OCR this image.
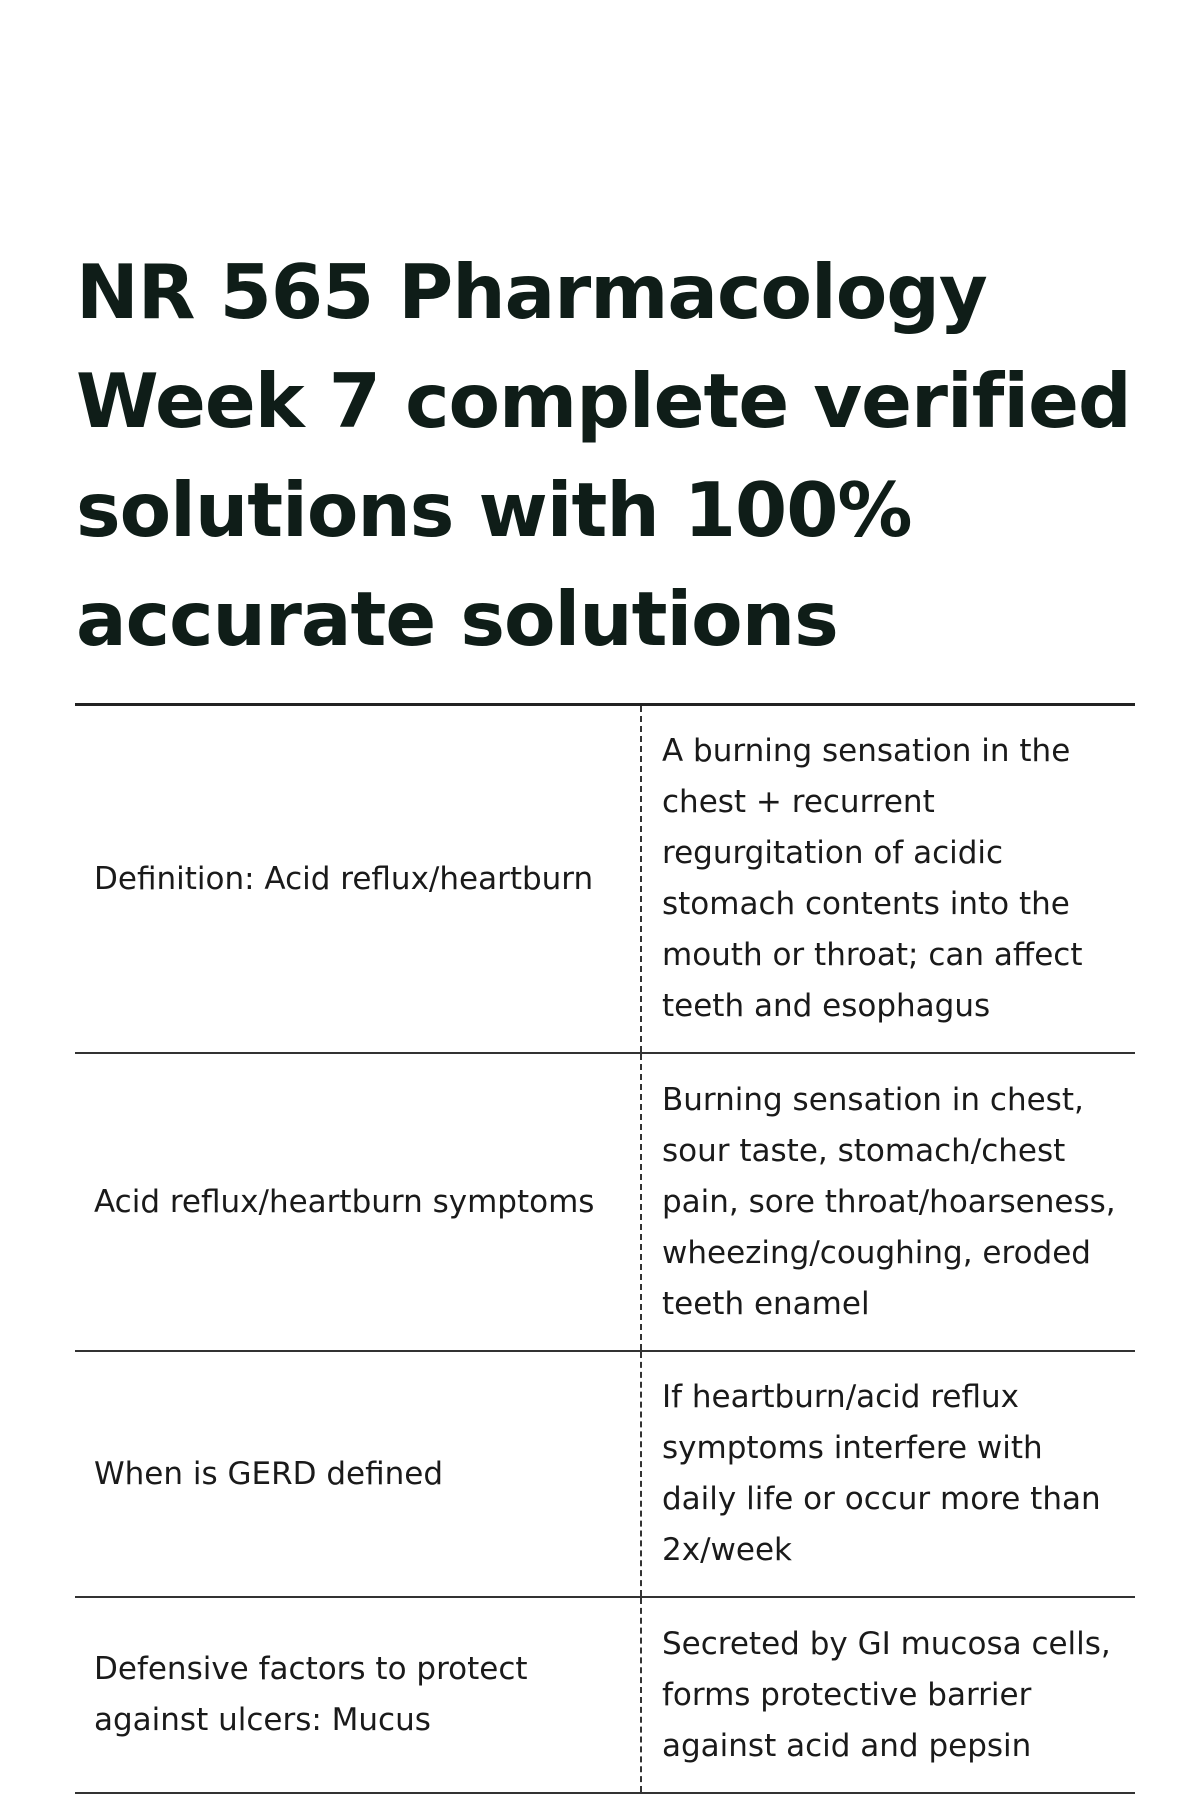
NR 565 Pharmacology Week 7 complete verified solutions with 100% accurate solutions
Definition: Acid reflux/heartburn	A burning sensation in the chest + recurrent regurgitation of acidic stomach contents into the mouth or throat; can affect teeth and esophagus
Acid reflux/heartburn symptoms	Burning sensation in chest, sour taste, stomach/chest pain, sore throat/hoarseness, wheezing/coughing, eroded teeth enamel
When is GERD defined	If heartburn/acid reflux symptoms interfere with daily life or occur more than 2x/week
Defensive factors to protect against ulcers: Mucus	Secreted by GI mucosa cells, forms protective barrier against acid and pepsin
